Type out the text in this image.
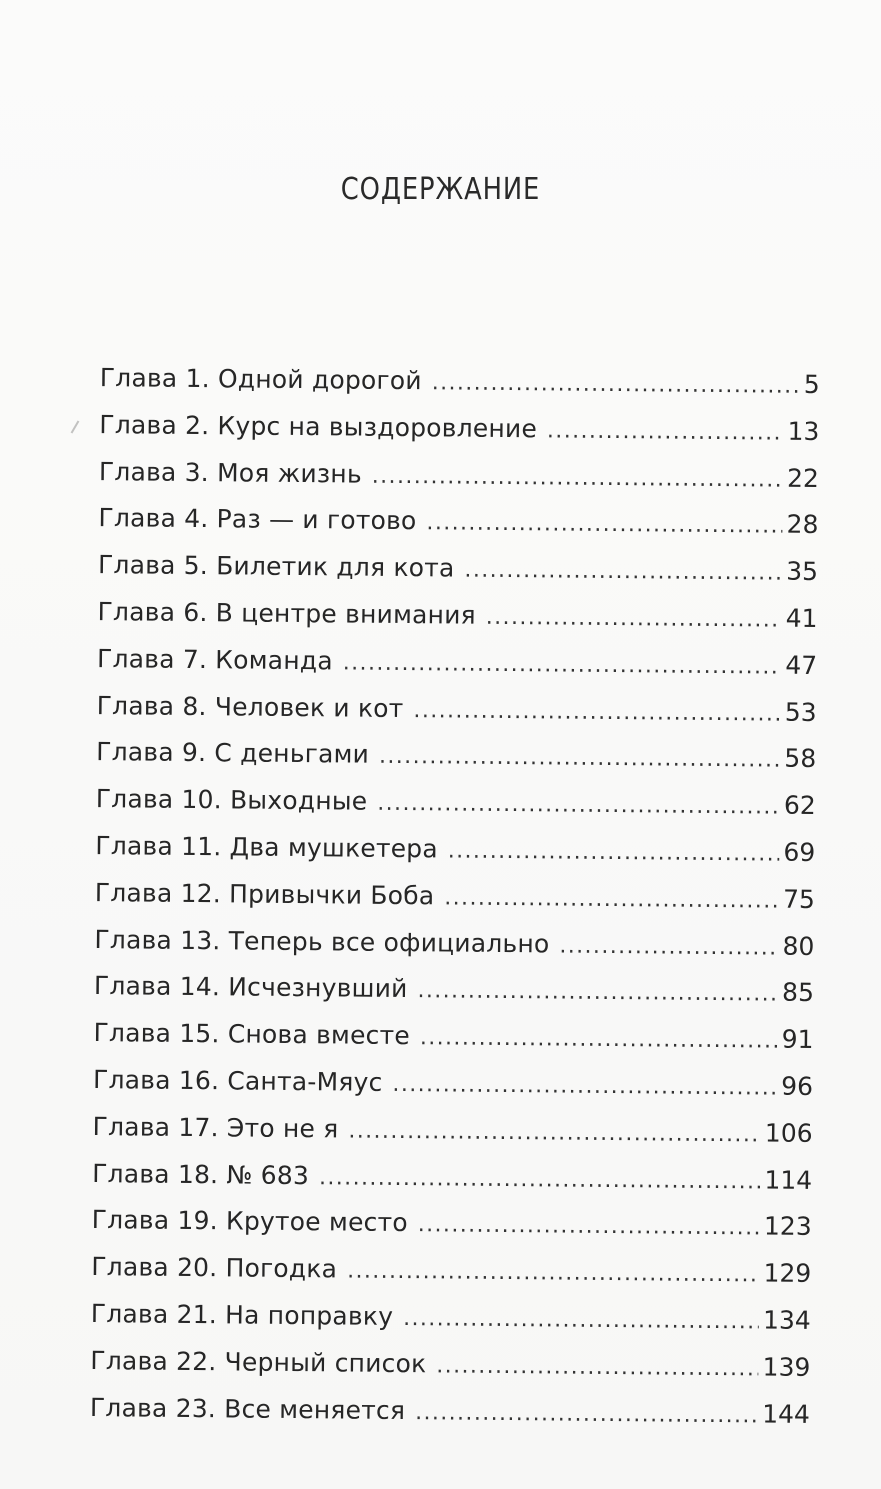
СОДЕРЖАНИЕ
Глава 1. Одной дорогой .....	5
Глава 2. Курс на выздоровление .....	13
Глава 3. Моя жизнь .....	22
Глава 4. Раз — и готово .....	28
Глава 5. Билетик для кота .....	35
Глава 6. В центре внимания .....	41
Глава 7. Команда .....	47
Глава 8. Человек и кот .....	53
Глава 9. С деньгами .....	58
Глава 10. Выходные .....	62
Глава 11. Два мушкетера .....	69
Глава 12. Привычки Боба .....	75
Глава 13. Теперь все официально .....	80
Глава 14. Исчезнувший .....	85
Глава 15. Снова вместе .....	91
Глава 16. Санта-Мяус .....	96
Глава 17. Это не я .....	106
Глава 18. № 683 .....	114
Глава 19. Крутое место .....	123
Глава 20. Погодка .....	129
Глава 21. На поправку .....	134
Глава 22. Черный список .....	139
Глава 23. Все меняется .....	144
